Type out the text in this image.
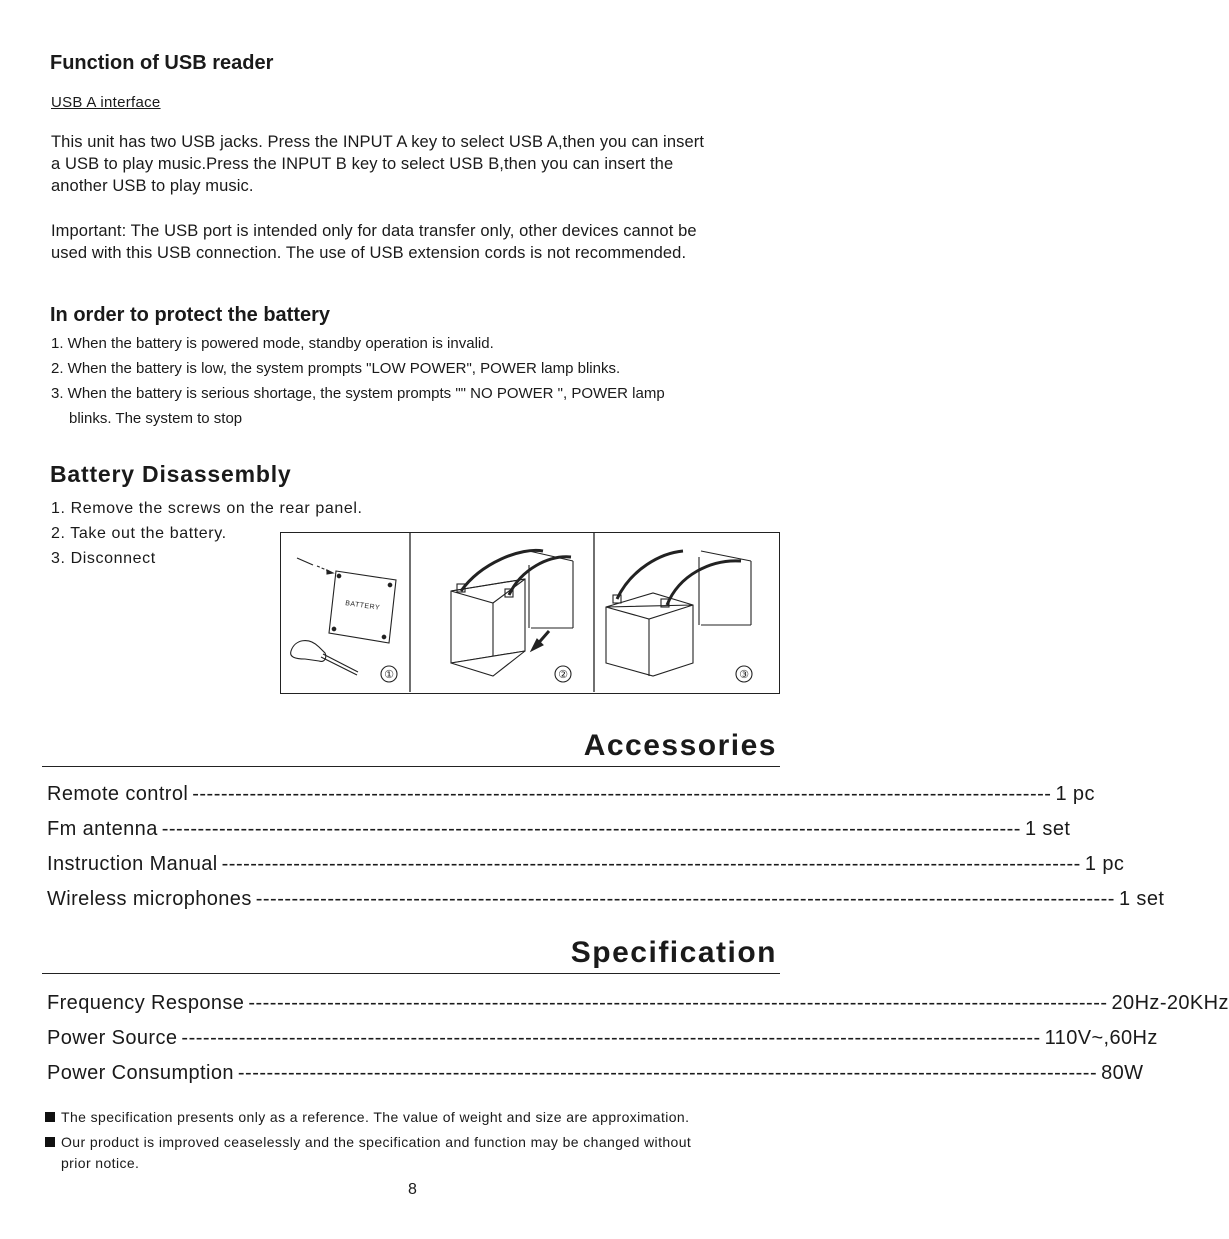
Function of USB reader
USB A interface
This unit has two USB jacks. Press the INPUT A key to select USB A,then you can insert
a USB to play music.Press the INPUT B key to select USB B,then you can insert the
another USB to play music.
Important: The USB port is intended only for data transfer only, other devices cannot be
used with this USB connection. The use of USB extension cords is not recommended.
In order to protect the battery
1. When the battery is powered mode, standby operation is invalid.
2. When the battery is low, the system prompts "LOW POWER", POWER lamp blinks.
3. When the battery is serious shortage, the system prompts "" NO POWER ", POWER lamp
blinks. The system to stop
Battery Disassembly
1. Remove the screws on the rear panel.
2. Take out the battery.
3. Disconnect
BATTERY
①	②	③
Accessories
Remote control ------------------------------------------------------------------------------------------------------------------------ 1 pc
Fm antenna ------------------------------------------------------------------------------------------------------------------------ 1 set
Instruction Manual ------------------------------------------------------------------------------------------------------------------------ 1 pc
Wireless microphones ------------------------------------------------------------------------------------------------------------------------ 1 set
Specification
Frequency Response ------------------------------------------------------------------------------------------------------------------------ 20Hz-20KHz
Power Source ------------------------------------------------------------------------------------------------------------------------ 110V~,60Hz
Power Consumption ------------------------------------------------------------------------------------------------------------------------ 80W
The specification presents only as a reference. The value of weight and size are approximation.
Our product is improved ceaselessly and the specification and function may be changed without
prior notice.
8
